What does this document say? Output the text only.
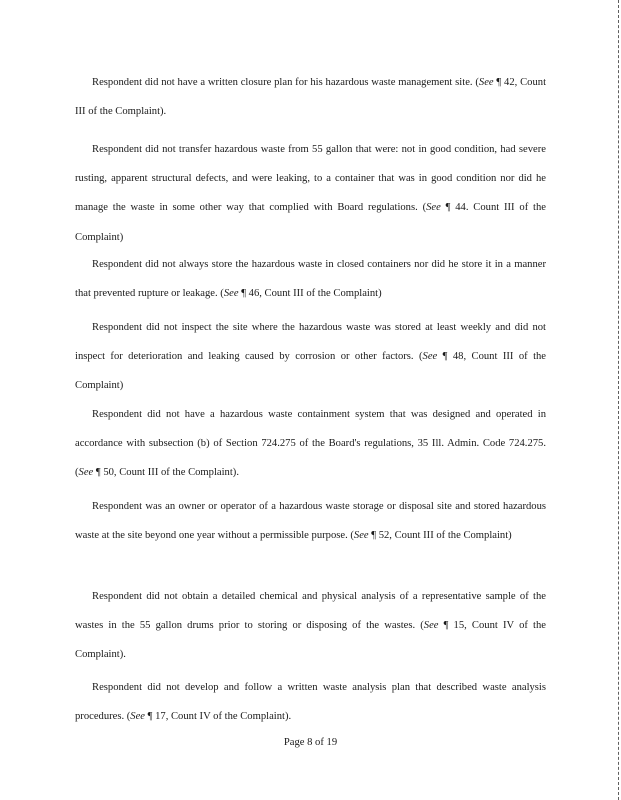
Respondent did not have a written closure plan for his hazardous waste management site. (See ¶ 42, Count III of the Complaint).

Respondent did not transfer hazardous waste from 55 gallon that were: not in good condition, had severe rusting, apparent structural defects, and were leaking, to a container that was in good condition nor did he manage the waste in some other way that complied with Board regulations. (See ¶ 44. Count III of the Complaint)

Respondent did not always store the hazardous waste in closed containers nor did he store it in a manner that prevented rupture or leakage. (See ¶ 46, Count III of the Complaint)

Respondent did not inspect the site where the hazardous waste was stored at least weekly and did not inspect for deterioration and leaking caused by corrosion or other factors. (See ¶ 48, Count III of the Complaint)

Respondent did not have a hazardous waste containment system that was designed and operated in accordance with subsection (b) of Section 724.275 of the Board's regulations, 35 Ill. Admin. Code 724.275. (See ¶ 50, Count III of the Complaint).

Respondent was an owner or operator of a hazardous waste storage or disposal site and stored hazardous waste at the site beyond one year without a permissible purpose. (See ¶ 52, Count III of the Complaint)

Respondent did not obtain a detailed chemical and physical analysis of a representative sample of the wastes in the 55 gallon drums prior to storing or disposing of the wastes. (See ¶ 15, Count IV of the Complaint).

Respondent did not develop and follow a written waste analysis plan that described waste analysis procedures. (See ¶ 17, Count IV of the Complaint).

Page 8 of 19
